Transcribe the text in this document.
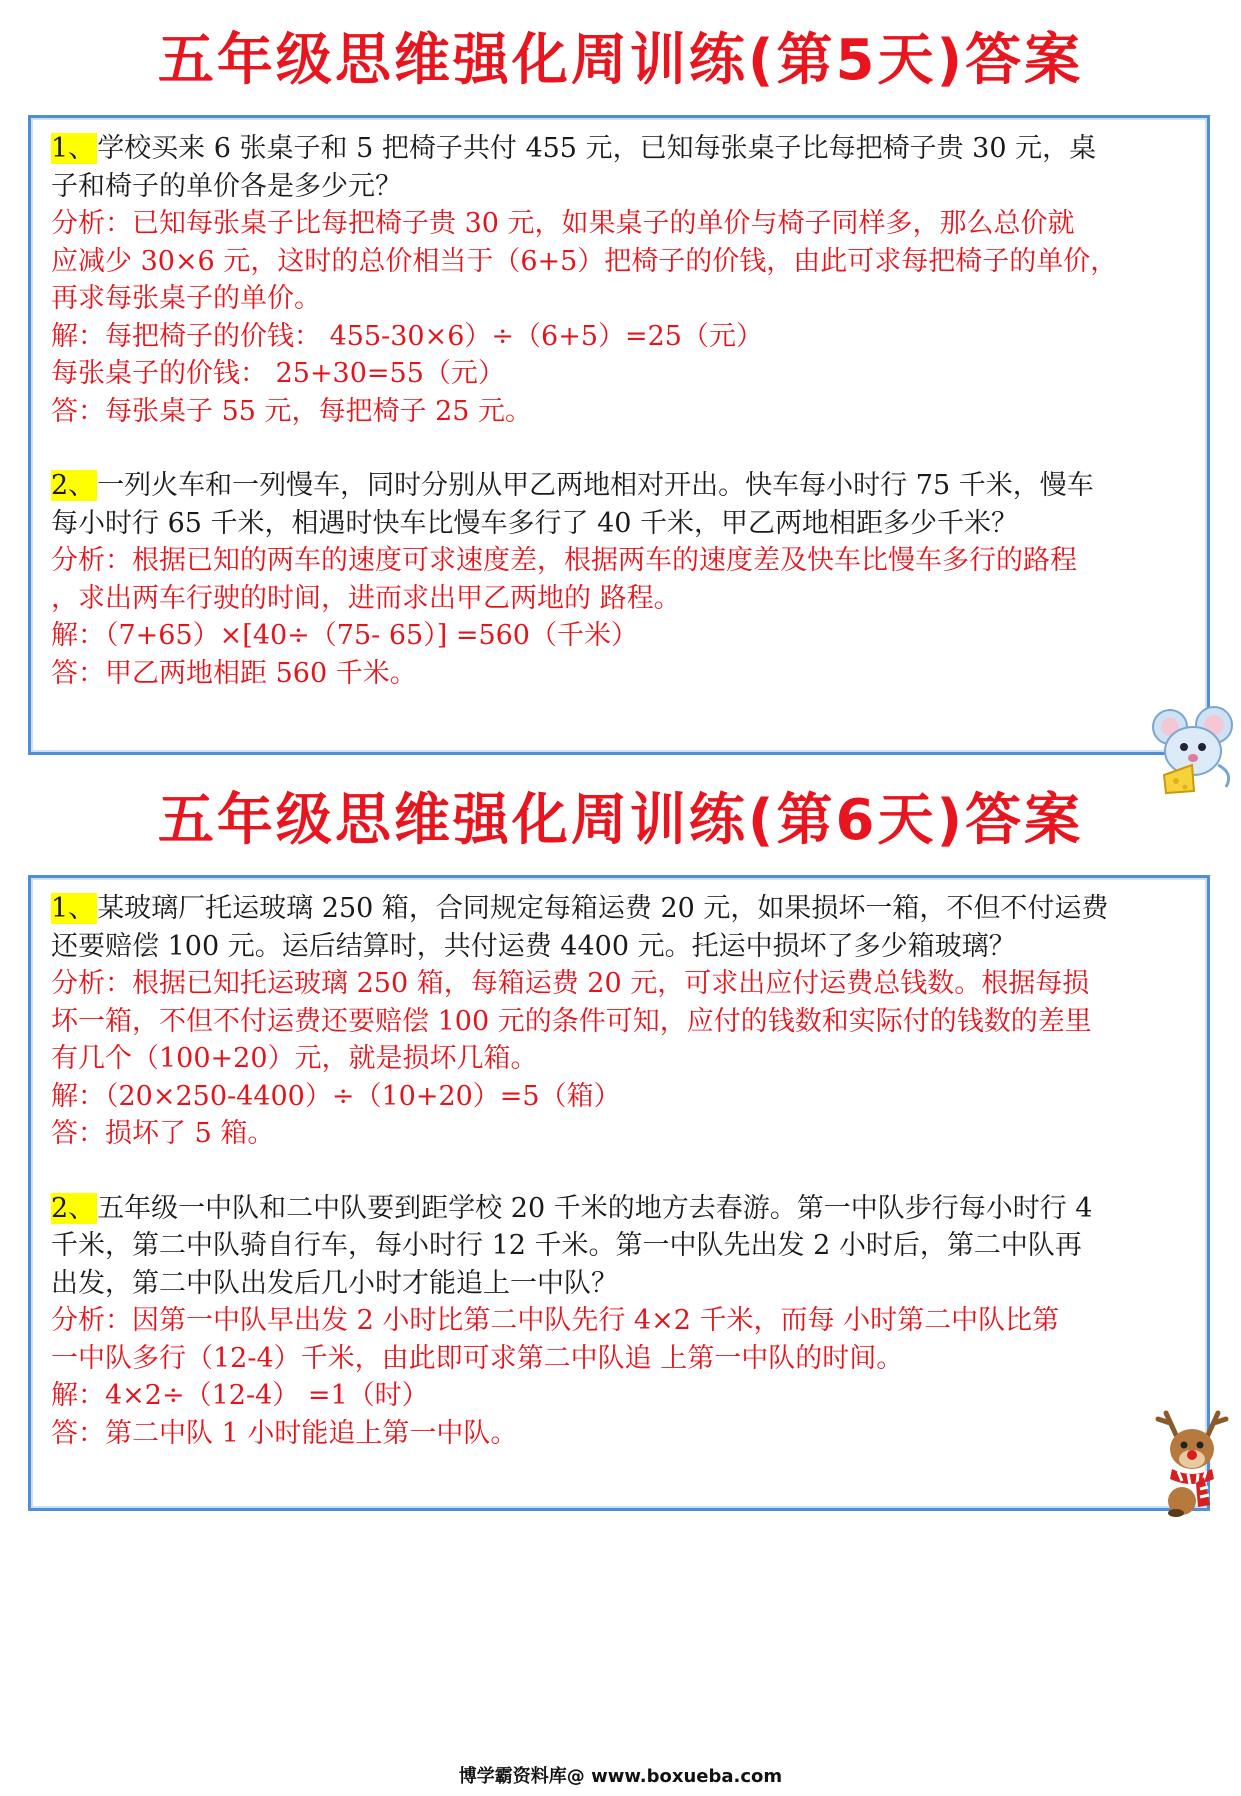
五年级思维强化周训练(第5天)答案

1、学校买来 6 张桌子和 5 把椅子共付 455 元，已知每张桌子比每把椅子贵 30 元，桌

子和椅子的单价各是多少元？

分析：已知每张桌子比每把椅子贵 30 元，如果桌子的单价与椅子同样多，那么总价就

应减少 30×6 元，这时的总价相当于（6+5）把椅子的价钱，由此可求每把椅子的单价，

再求每张桌子的单价。

解：每把椅子的价钱： 455-30×6）÷（6+5）=25（元）

每张桌子的价钱： 25+30=55（元）

答：每张桌子 55 元，每把椅子 25 元。

2、一列火车和一列慢车，同时分别从甲乙两地相对开出。快车每小时行 75 千米，慢车

每小时行 65 千米，相遇时快车比慢车多行了 40 千米，甲乙两地相距多少千米？

分析：根据已知的两车的速度可求速度差，根据两车的速度差及快车比慢车多行的路程

，求出两车行驶的时间，进而求出甲乙两地的 路程。

解：（7+65）×[40÷（75- 65）] =560（千米）

答：甲乙两地相距 560 千米。

五年级思维强化周训练(第6天)答案

1、某玻璃厂托运玻璃 250 箱，合同规定每箱运费 20 元，如果损坏一箱，不但不付运费

还要赔偿 100 元。运后结算时，共付运费 4400 元。托运中损坏了多少箱玻璃？

分析：根据已知托运玻璃 250 箱，每箱运费 20 元，可求出应付运费总钱数。根据每损

坏一箱，不但不付运费还要赔偿 100 元的条件可知，应付的钱数和实际付的钱数的差里

有几个（100+20）元，就是损坏几箱。

解：（20×250-4400）÷（10+20）=5（箱）

答：损坏了 5 箱。

2、五年级一中队和二中队要到距学校 20 千米的地方去春游。第一中队步行每小时行 4

千米，第二中队骑自行车，每小时行 12 千米。第一中队先出发 2 小时后，第二中队再

出发，第二中队出发后几小时才能追上一中队？

分析：因第一中队早出发 2 小时比第二中队先行 4×2 千米，而每 小时第二中队比第

一中队多行（12-4）千米，由此即可求第二中队追 上第一中队的时间。

解：4×2÷（12-4） =1（时）

答：第二中队 1 小时能追上第一中队。

博学霸资料库@ www.boxueba.com
